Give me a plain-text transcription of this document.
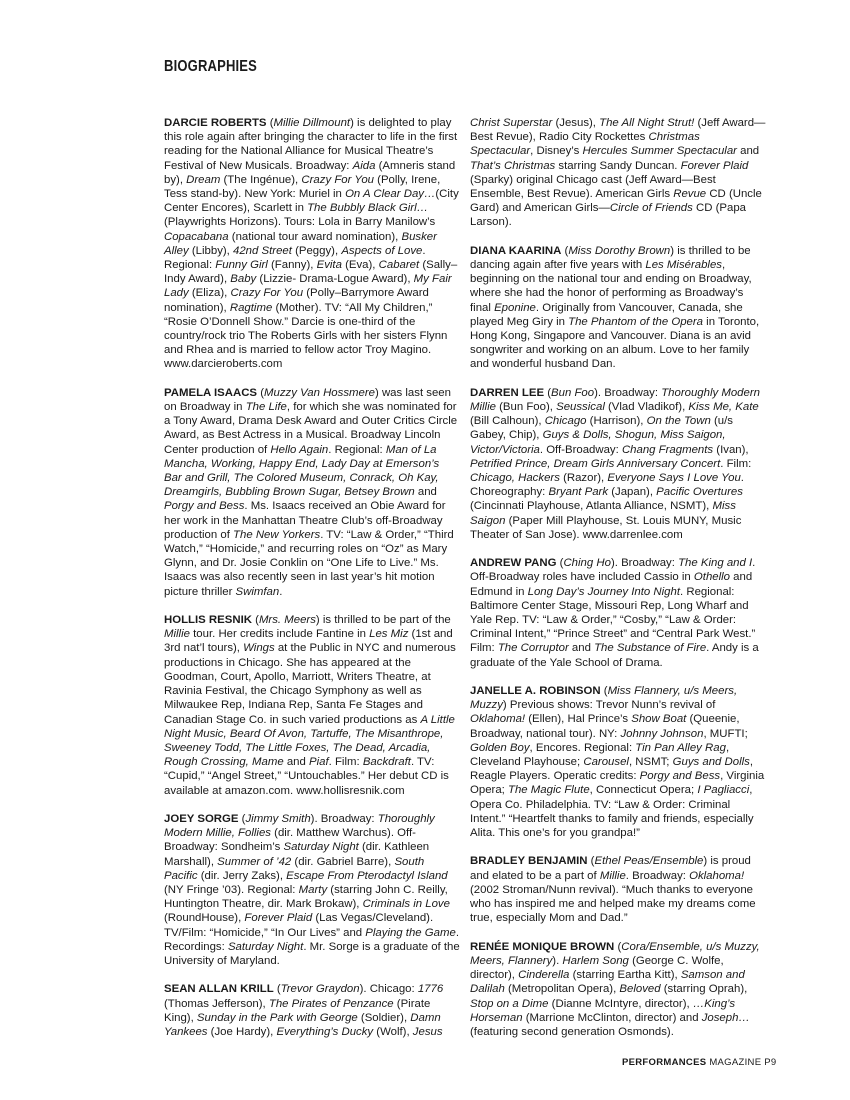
BIOGRAPHIES

DARCIE ROBERTS (Millie Dillmount) is delighted to play this role again after bringing the character to life in the first reading for the National Alliance for Musical Theatre’s Festival of New Musicals. Broadway: Aida (Amneris stand by), Dream (The Ingénue), Crazy For You (Polly, Irene, Tess stand-by). New York: Muriel in On A Clear Day…(City Center Encores), Scarlett in The Bubbly Black Girl…(Playwrights Horizons). Tours: Lola in Barry Manilow’s Copacabana (national tour award nomination), Busker Alley (Libby), 42nd Street (Peggy), Aspects of Love. Regional: Funny Girl (Fanny), Evita (Eva), Cabaret (Sally–Indy Award), Baby (Lizzie- Drama-Logue Award), My Fair Lady (Eliza), Crazy For You (Polly–Barrymore Award nomination), Ragtime (Mother). TV: “All My Children,” “Rosie O’Donnell Show.” Darcie is one-third of the country/rock trio The Roberts Girls with her sisters Flynn and Rhea and is married to fellow actor Troy Magino. www.darcieroberts.com

PAMELA ISAACS (Muzzy Van Hossmere) was last seen on Broadway in The Life, for which she was nominated for a Tony Award, Drama Desk Award and Outer Critics Circle Award, as Best Actress in a Musical. Broadway Lincoln Center production of Hello Again. Regional: Man of La Mancha, Working, Happy End, Lady Day at Emerson’s Bar and Grill, The Colored Museum, Conrack, Oh Kay, Dreamgirls, Bubbling Brown Sugar, Betsey Brown and Porgy and Bess. Ms. Isaacs received an Obie Award for her work in the Manhattan Theatre Club’s off-Broadway production of The New Yorkers. TV: “Law & Order,” “Third Watch,” “Homicide,” and recurring roles on “Oz” as Mary Glynn, and Dr. Josie Conklin on “One Life to Live.” Ms. Isaacs was also recently seen in last year’s hit motion picture thriller Swimfan.

HOLLIS RESNIK (Mrs. Meers) is thrilled to be part of the Millie tour. Her credits include Fantine in Les Miz (1st and 3rd nat’l tours), Wings at the Public in NYC and numerous productions in Chicago. She has appeared at the Goodman, Court, Apollo, Marriott, Writers Theatre, at Ravinia Festival, the Chicago Symphony as well as Milwaukee Rep, Indiana Rep, Santa Fe Stages and Canadian Stage Co. in such varied productions as A Little Night Music, Beard Of Avon, Tartuffe, The Misanthrope, Sweeney Todd, The Little Foxes, The Dead, Arcadia, Rough Crossing, Mame and Piaf. Film: Backdraft. TV: “Cupid,” “Angel Street,” “Untouchables.” Her debut CD is available at amazon.com. www.hollisresnik.com

JOEY SORGE (Jimmy Smith). Broadway: Thoroughly Modern Millie, Follies (dir. Matthew Warchus). Off-Broadway: Sondheim’s Saturday Night (dir. Kathleen Marshall), Summer of ’42 (dir. Gabriel Barre), South Pacific (dir. Jerry Zaks), Escape From Pterodactyl Island (NY Fringe ’03). Regional: Marty (starring John C. Reilly, Huntington Theatre, dir. Mark Brokaw), Criminals in Love (RoundHouse), Forever Plaid (Las Vegas/Cleveland). TV/Film: “Homicide,” “In Our Lives” and Playing the Game. Recordings: Saturday Night. Mr. Sorge is a graduate of the University of Maryland.

SEAN ALLAN KRILL (Trevor Graydon). Chicago: 1776 (Thomas Jefferson), The Pirates of Penzance (Pirate King), Sunday in the Park with George (Soldier), Damn Yankees (Joe Hardy), Everything’s Ducky (Wolf), Jesus

Christ Superstar (Jesus), The All Night Strut! (Jeff Award—Best Revue), Radio City Rockettes Christmas Spectacular, Disney’s Hercules Summer Spectacular and That’s Christmas starring Sandy Duncan. Forever Plaid (Sparky) original Chicago cast (Jeff Award—Best Ensemble, Best Revue). American Girls Revue CD (Uncle Gard) and American Girls—Circle of Friends CD (Papa Larson).

DIANA KAARINA (Miss Dorothy Brown) is thrilled to be dancing again after five years with Les Misérables, beginning on the national tour and ending on Broadway, where she had the honor of performing as Broadway’s final Eponine. Originally from Vancouver, Canada, she played Meg Giry in The Phantom of the Opera in Toronto, Hong Kong, Singapore and Vancouver. Diana is an avid songwriter and working on an album. Love to her family and wonderful husband Dan.

DARREN LEE (Bun Foo). Broadway: Thoroughly Modern Millie (Bun Foo), Seussical (Vlad Vladikof), Kiss Me, Kate (Bill Calhoun), Chicago (Harrison), On the Town (u/s Gabey, Chip), Guys & Dolls, Shogun, Miss Saigon, Victor/Victoria. Off-Broadway: Chang Fragments (Ivan), Petrified Prince, Dream Girls Anniversary Concert. Film: Chicago, Hackers (Razor), Everyone Says I Love You. Choreography: Bryant Park (Japan), Pacific Overtures (Cincinnati Playhouse, Atlanta Alliance, NSMT), Miss Saigon (Paper Mill Playhouse, St. Louis MUNY, Music Theater of San Jose). www.darrenlee.com

ANDREW PANG (Ching Ho). Broadway: The King and I. Off-Broadway roles have included Cassio in Othello and Edmund in Long Day’s Journey Into Night. Regional: Baltimore Center Stage, Missouri Rep, Long Wharf and Yale Rep. TV: “Law & Order,” “Cosby,” “Law & Order: Criminal Intent,” “Prince Street” and “Central Park West.” Film: The Corruptor and The Substance of Fire. Andy is a graduate of the Yale School of Drama.

JANELLE A. ROBINSON (Miss Flannery, u/s Meers, Muzzy) Previous shows: Trevor Nunn’s revival of Oklahoma! (Ellen), Hal Prince’s Show Boat (Queenie, Broadway, national tour). NY: Johnny Johnson, MUFTI; Golden Boy, Encores. Regional: Tin Pan Alley Rag, Cleveland Playhouse; Carousel, NSMT; Guys and Dolls, Reagle Players. Operatic credits: Porgy and Bess, Virginia Opera; The Magic Flute, Connecticut Opera; I Pagliacci, Opera Co. Philadelphia. TV: “Law & Order: Criminal Intent.” “Heartfelt thanks to family and friends, especially Alita. This one’s for you grandpa!”

BRADLEY BENJAMIN (Ethel Peas/Ensemble) is proud and elated to be a part of Millie. Broadway: Oklahoma! (2002 Stroman/Nunn revival). “Much thanks to everyone who has inspired me and helped make my dreams come true, especially Mom and Dad.”

RENÉE MONIQUE BROWN (Cora/Ensemble, u/s Muzzy, Meers, Flannery). Harlem Song (George C. Wolfe, director), Cinderella (starring Eartha Kitt), Samson and Dalilah (Metropolitan Opera), Beloved (starring Oprah), Stop on a Dime (Dianne McIntyre, director), …King’s Horseman (Marrione McClinton, director) and Joseph… (featuring second generation Osmonds).

PERFORMANCES MAGAZINE P9
